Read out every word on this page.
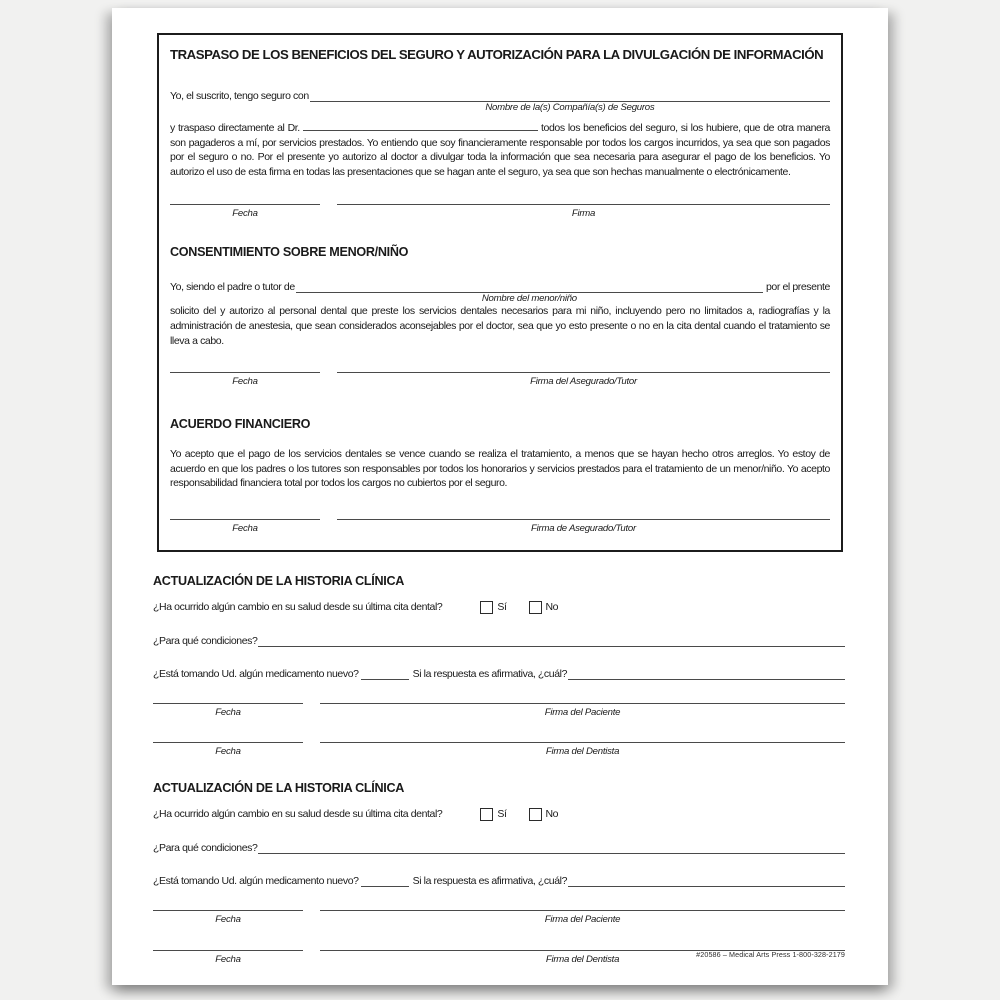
TRASPASO DE LOS BENEFICIOS DEL SEGURO Y AUTORIZACIÓN PARA LA DIVULGACIÓN DE INFORMACIÓN
Yo, el suscrito, tengo seguro con
Nombre de la(s) Compañía(s) de Seguros

y traspaso directamente al Dr.	todos los beneficios del seguro, si los hubiere, que de otra manera son pagaderos a mí, por servicios prestados. Yo entiendo que soy financieramente responsable por todos los cargos incurridos, ya sea que son pagados por el seguro o no. Por el presente yo autorizo al doctor a divulgar toda la información que sea necesaria para asegurar el pago de los beneficios. Yo autorizo el uso de esta firma en todas las presentaciones que se hagan ante el seguro, ya sea que son hechas manualmente o electrónicamente.

Fecha	Firma
CONSENTIMIENTO SOBRE MENOR/NIÑO
Yo, siendo el padre o tutor de
Nombre del menor/niño
por el presente

solicito del y autorizo al personal dental que preste los servicios dentales necesarios para mi niño, incluyendo pero no limitados a, radiografías y la administración de anestesia, que sean considerados aconsejables por el doctor, sea que yo esto presente o no en la cita dental cuando el tratamiento se lleva a cabo.

Fecha	Firma del Asegurado/Tutor
ACUERDO FINANCIERO

Yo acepto que el pago de los servicios dentales se vence cuando se realiza el tratamiento, a menos que se hayan hecho otros arreglos. Yo estoy de acuerdo en que los padres o los tutores son responsables por todos los honorarios y servicios prestados para el tratamiento de un menor/niño. Yo acepto responsabilidad financiera total por todos los cargos no cubiertos por el seguro.

Fecha	Firma de Asegurado/Tutor
ACTUALIZACIÓN DE LA HISTORIA CLÍNICA
¿Ha ocurrido algún cambio en su salud desde su última cita dental?	Sí	No
¿Para qué condiciones?
¿Está tomando Ud. algún medicamento nuevo?	Si la respuesta es afirmativa, ¿cuál?
Fecha	Firma del Paciente
Fecha	Firma del Dentista
ACTUALIZACIÓN DE LA HISTORIA CLÍNICA
¿Ha ocurrido algún cambio en su salud desde su última cita dental?	Sí	No
¿Para qué condiciones?
¿Está tomando Ud. algún medicamento nuevo?	Si la respuesta es afirmativa, ¿cuál?
Fecha	Firma del Paciente
Fecha	Firma del Dentista	#20586 – Medical Arts Press 1-800-328-2179
